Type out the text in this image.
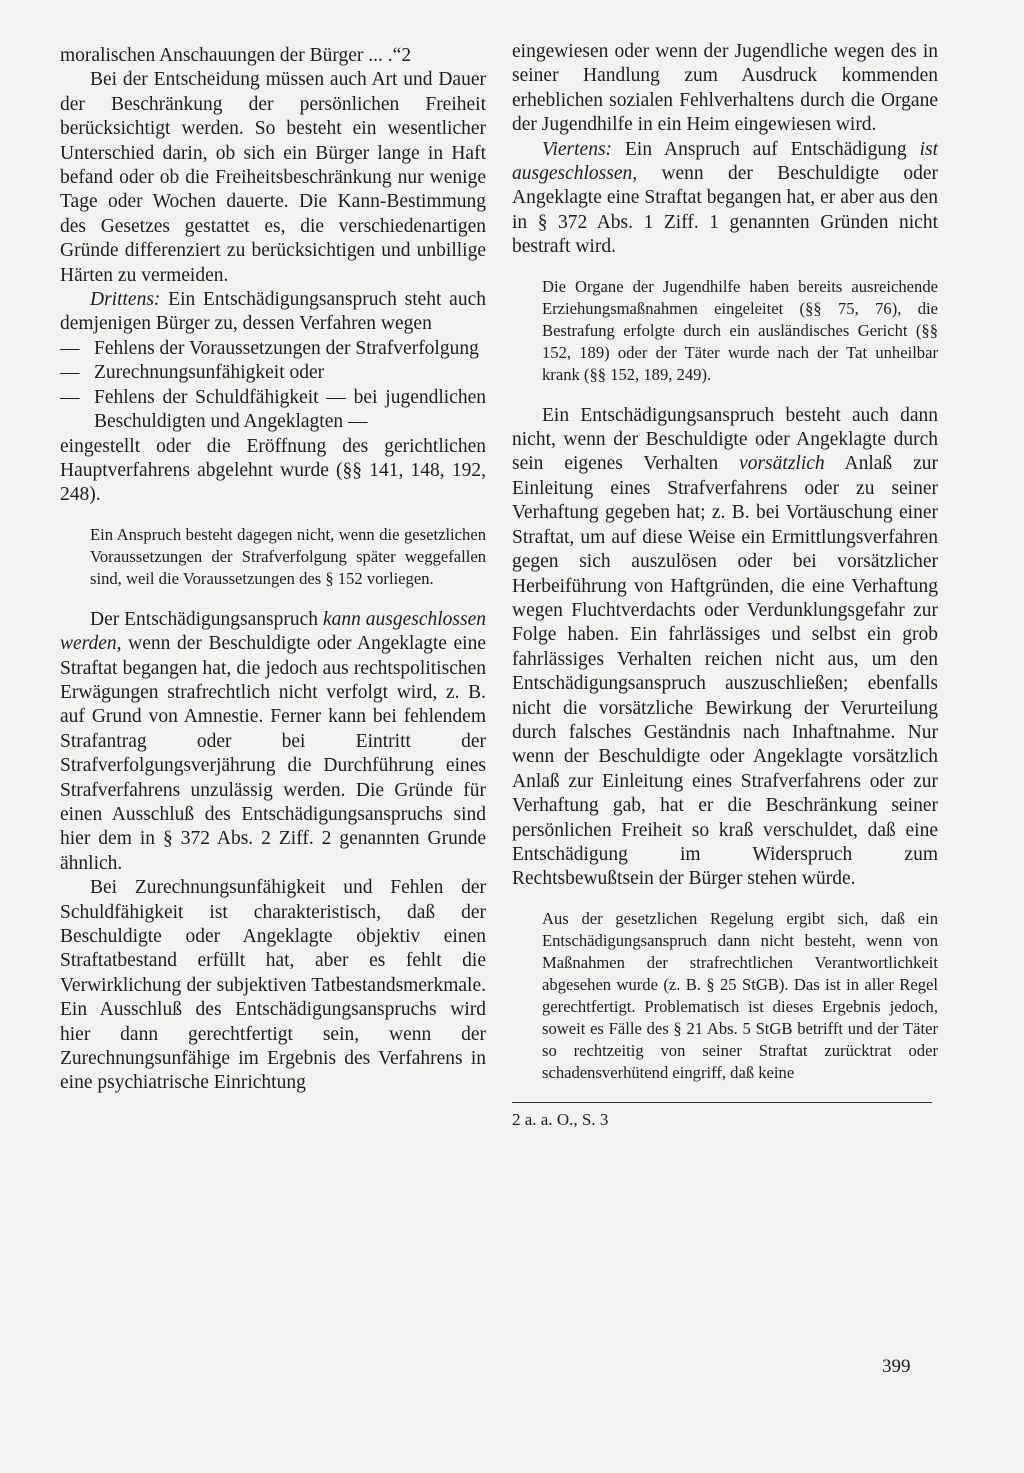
moralischen Anschauungen der Bürger ... .“2

Bei der Entscheidung müssen auch Art und Dauer der Beschränkung der persönlichen Freiheit berücksichtigt werden. So besteht ein wesentlicher Unterschied darin, ob sich ein Bürger lange in Haft befand oder ob die Freiheitsbeschränkung nur wenige Tage oder Wochen dauerte. Die Kann-Bestimmung des Gesetzes gestattet es, die verschiedenartigen Gründe differenziert zu berücksichtigen und unbillige Härten zu vermeiden.

Drittens: Ein Entschädigungsanspruch steht auch demjenigen Bürger zu, dessen Verfahren wegen

— Fehlens der Voraussetzungen der Strafverfolgung
— Zurechnungsunfähigkeit oder
— Fehlens der Schuldfähigkeit — bei jugendlichen Beschuldigten und Angeklagten —

eingestellt oder die Eröffnung des gerichtlichen Hauptverfahrens abgelehnt wurde (§§ 141, 148, 192, 248).

Ein Anspruch besteht dagegen nicht, wenn die gesetzlichen Voraussetzungen der Strafverfolgung später weggefallen sind, weil die Voraussetzungen des § 152 vorliegen.

Der Entschädigungsanspruch kann ausgeschlossen werden, wenn der Beschuldigte oder Angeklagte eine Straftat begangen hat, die jedoch aus rechtspolitischen Erwägungen strafrechtlich nicht verfolgt wird, z. B. auf Grund von Amnestie. Ferner kann bei fehlendem Strafantrag oder bei Eintritt der Strafverfolgungsverjährung die Durchführung eines Strafverfahrens unzulässig werden. Die Gründe für einen Ausschluß des Entschädigungsanspruchs sind hier dem in § 372 Abs. 2 Ziff. 2 genannten Grunde ähnlich.

Bei Zurechnungsunfähigkeit und Fehlen der Schuldfähigkeit ist charakteristisch, daß der Beschuldigte oder Angeklagte objektiv einen Straftatbestand erfüllt hat, aber es fehlt die Verwirklichung der subjektiven Tatbestandsmerkmale. Ein Ausschluß des Entschädigungsanspruchs wird hier dann gerechtfertigt sein, wenn der Zurechnungsunfähige im Ergebnis des Verfahrens in eine psychiatrische Einrichtung

eingewiesen oder wenn der Jugendliche wegen des in seiner Handlung zum Ausdruck kommenden erheblichen sozialen Fehlverhaltens durch die Organe der Jugendhilfe in ein Heim eingewiesen wird.

Viertens: Ein Anspruch auf Entschädigung ist ausgeschlossen, wenn der Beschuldigte oder Angeklagte eine Straftat begangen hat, er aber aus den in § 372 Abs. 1 Ziff. 1 genannten Gründen nicht bestraft wird.

Die Organe der Jugendhilfe haben bereits ausreichende Erziehungsmaßnahmen eingeleitet (§§ 75, 76), die Bestrafung erfolgte durch ein ausländisches Gericht (§§ 152, 189) oder der Täter wurde nach der Tat unheilbar krank (§§ 152, 189, 249).

Ein Entschädigungsanspruch besteht auch dann nicht, wenn der Beschuldigte oder Angeklagte durch sein eigenes Verhalten vorsätzlich Anlaß zur Einleitung eines Strafverfahrens oder zu seiner Verhaftung gegeben hat; z. B. bei Vortäuschung einer Straftat, um auf diese Weise ein Ermittlungsverfahren gegen sich auszulösen oder bei vorsätzlicher Herbeiführung von Haftgründen, die eine Verhaftung wegen Fluchtverdachts oder Verdunklungsgefahr zur Folge haben. Ein fahrlässiges und selbst ein grob fahrlässiges Verhalten reichen nicht aus, um den Entschädigungsanspruch auszuschließen; ebenfalls nicht die vorsätzliche Bewirkung der Verurteilung durch falsches Geständnis nach Inhaftnahme. Nur wenn der Beschuldigte oder Angeklagte vorsätzlich Anlaß zur Einleitung eines Strafverfahrens oder zur Verhaftung gab, hat er die Beschränkung seiner persönlichen Freiheit so kraß verschuldet, daß eine Entschädigung im Widerspruch zum Rechtsbewußtsein der Bürger stehen würde.

Aus der gesetzlichen Regelung ergibt sich, daß ein Entschädigungsanspruch dann nicht besteht, wenn von Maßnahmen der strafrechtlichen Verantwortlichkeit abgesehen wurde (z. B. § 25 StGB). Das ist in aller Regel gerechtfertigt. Problematisch ist dieses Ergebnis jedoch, soweit es Fälle des § 21 Abs. 5 StGB betrifft und der Täter so rechtzeitig von seiner Straftat zurücktrat oder schadensverhütend eingriff, daß keine

2 a. a. O., S. 3

399
